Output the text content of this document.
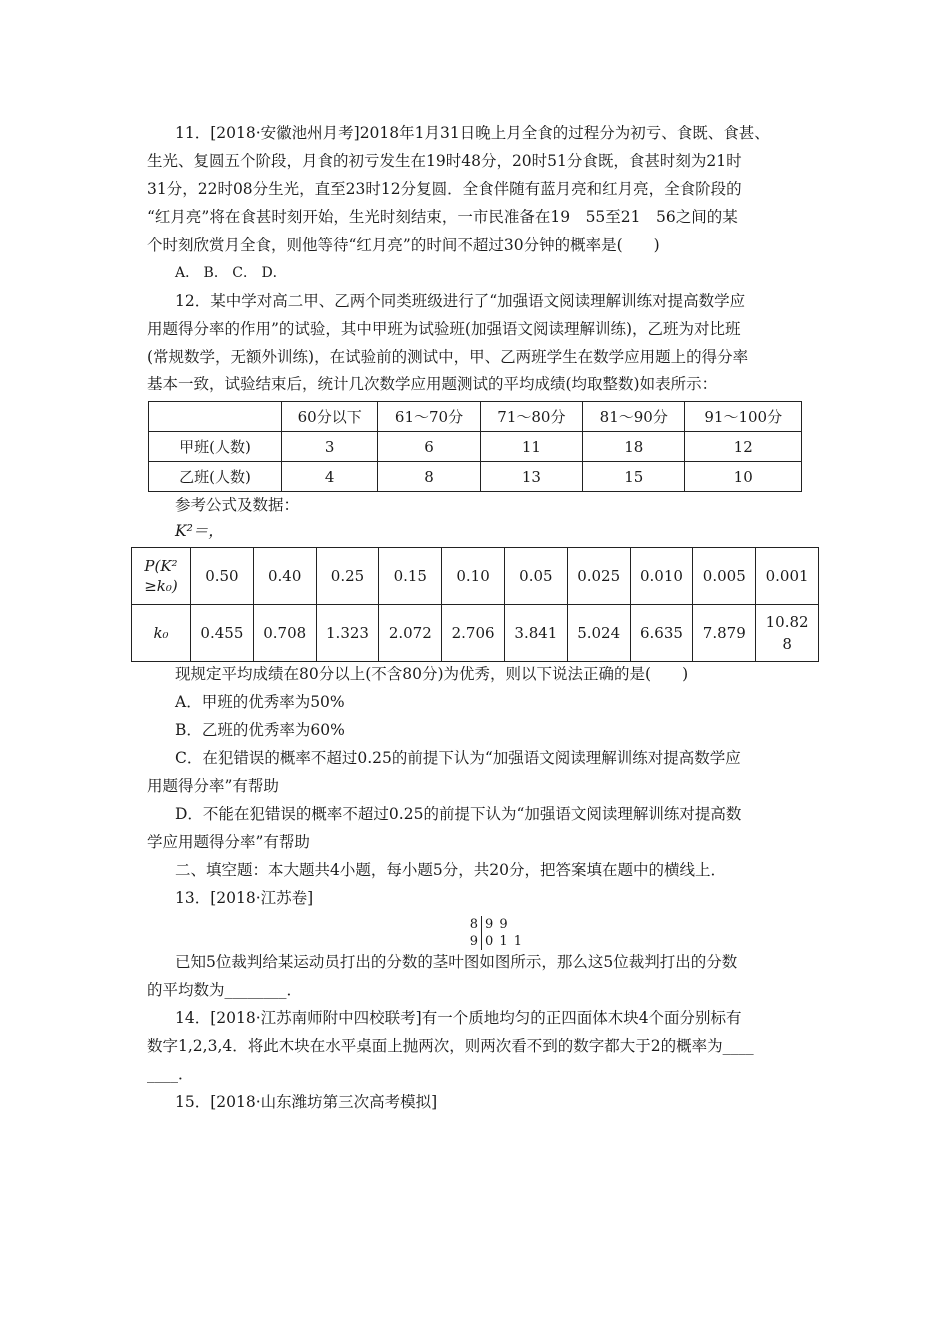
11．[2018·安徽池州月考]2018年1月31日晚上月全食的过程分为初亏、食既、食甚、
生光、复圆五个阶段，月食的初亏发生在19时48分，20时51分食既，食甚时刻为21时
31分，22时08分生光，直至23时12分复圆．全食伴随有蓝月亮和红月亮，全食阶段的
“红月亮”将在食甚时刻开始，生光时刻结束，一市民准备在19　55至21　56之间的某
个时刻欣赏月全食，则他等待“红月亮”的时间不超过30分钟的概率是(　　)
A． B． C． D．
12．某中学对高二甲、乙两个同类班级进行了“加强语文阅读理解训练对提高数学应
用题得分率的作用”的试验，其中甲班为试验班(加强语文阅读理解训练)，乙班为对比班
(常规数学，无额外训练)，在试验前的测试中，甲、乙两班学生在数学应用题上的得分率
基本一致，试验结束后，统计几次数学应用题测试的平均成绩(均取整数)如表所示：
	60分以下	61～70分	71～80分	81～90分	91～100分
甲班(人数)	3	6	11	18	12
乙班(人数)	4	8	13	15	10
参考公式及数据：
K²＝，
P(K²
≥k₀)	0.50	0.40	0.25	0.15	0.10	0.05	0.025	0.010	0.005	0.001
k₀	0.455	0.708	1.323	2.072	2.706	3.841	5.024	6.635	7.879	10.82
8
现规定平均成绩在80分以上(不含80分)为优秀，则以下说法正确的是(　　)
A．甲班的优秀率为50%
B．乙班的优秀率为60%
C．在犯错误的概率不超过0.25的前提下认为“加强语文阅读理解训练对提高数学应
用题得分率”有帮助
D．不能在犯错误的概率不超过0.25的前提下认为“加强语文阅读理解训练对提高数
学应用题得分率”有帮助
二、填空题：本大题共4小题，每小题5分，共20分，把答案填在题中的横线上．
13．[2018·江苏卷]
8 9 9
9 0 1 1
已知5位裁判给某运动员打出的分数的茎叶图如图所示，那么这5位裁判打出的分数
的平均数为________．
14．[2018·江苏南师附中四校联考]有一个质地均匀的正四面体木块4个面分别标有
数字1,2,3,4．将此木块在水平桌面上抛两次，则两次看不到的数字都大于2的概率为____
____．
15．[2018·山东潍坊第三次高考模拟]
